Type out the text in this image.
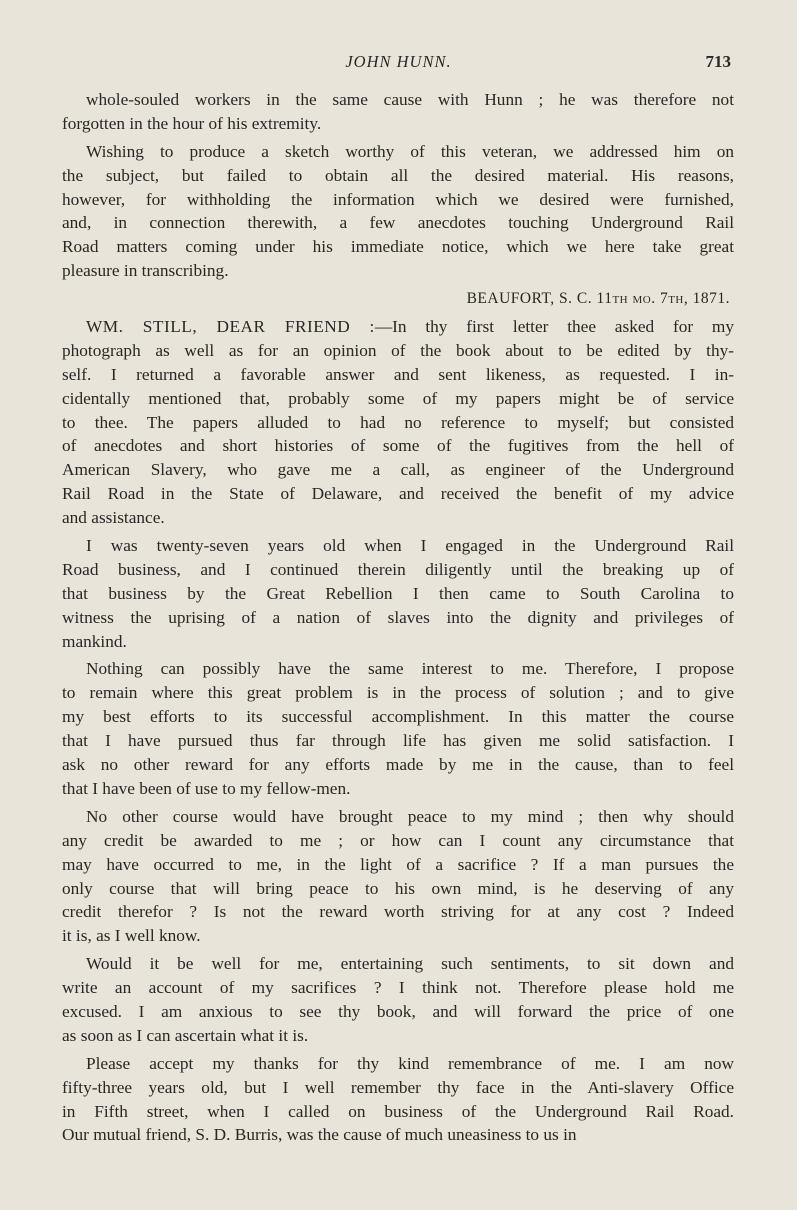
JOHN HUNN.	713
whole-souled workers in the same cause with Hunn ; he was therefore not
forgotten in the hour of his extremity.
Wishing to produce a sketch worthy of this veteran, we addressed him on
the subject, but failed to obtain all the desired material. His reasons,
however, for withholding the information which we desired were furnished,
and, in connection therewith, a few anecdotes touching Underground Rail
Road matters coming under his immediate notice, which we here take great
pleasure in transcribing.
BEAUFORT, S. C. 11th mo. 7th, 1871.
WM. STILL, DEAR FRIEND :—In thy first letter thee asked for my
photograph as well as for an opinion of the book about to be edited by thy-
self. I returned a favorable answer and sent likeness, as requested. I in-
cidentally mentioned that, probably some of my papers might be of service
to thee. The papers alluded to had no reference to myself; but consisted
of anecdotes and short histories of some of the fugitives from the hell of
American Slavery, who gave me a call, as engineer of the Underground
Rail Road in the State of Delaware, and received the benefit of my advice
and assistance.
I was twenty-seven years old when I engaged in the Underground Rail
Road business, and I continued therein diligently until the breaking up of
that business by the Great Rebellion I then came to South Carolina to
witness the uprising of a nation of slaves into the dignity and privileges of
mankind.
Nothing can possibly have the same interest to me. Therefore, I propose
to remain where this great problem is in the process of solution ; and to give
my best efforts to its successful accomplishment. In this matter the course
that I have pursued thus far through life has given me solid satisfaction. I
ask no other reward for any efforts made by me in the cause, than to feel
that I have been of use to my fellow-men.
No other course would have brought peace to my mind ; then why should
any credit be awarded to me ; or how can I count any circumstance that
may have occurred to me, in the light of a sacrifice ? If a man pursues the
only course that will bring peace to his own mind, is he deserving of any
credit therefor ? Is not the reward worth striving for at any cost ? Indeed
it is, as I well know.
Would it be well for me, entertaining such sentiments, to sit down and
write an account of my sacrifices ? I think not. Therefore please hold me
excused. I am anxious to see thy book, and will forward the price of one
as soon as I can ascertain what it is.
Please accept my thanks for thy kind remembrance of me. I am now
fifty-three years old, but I well remember thy face in the Anti-slavery Office
in Fifth street, when I called on business of the Underground Rail Road.
Our mutual friend, S. D. Burris, was the cause of much uneasiness to us in
